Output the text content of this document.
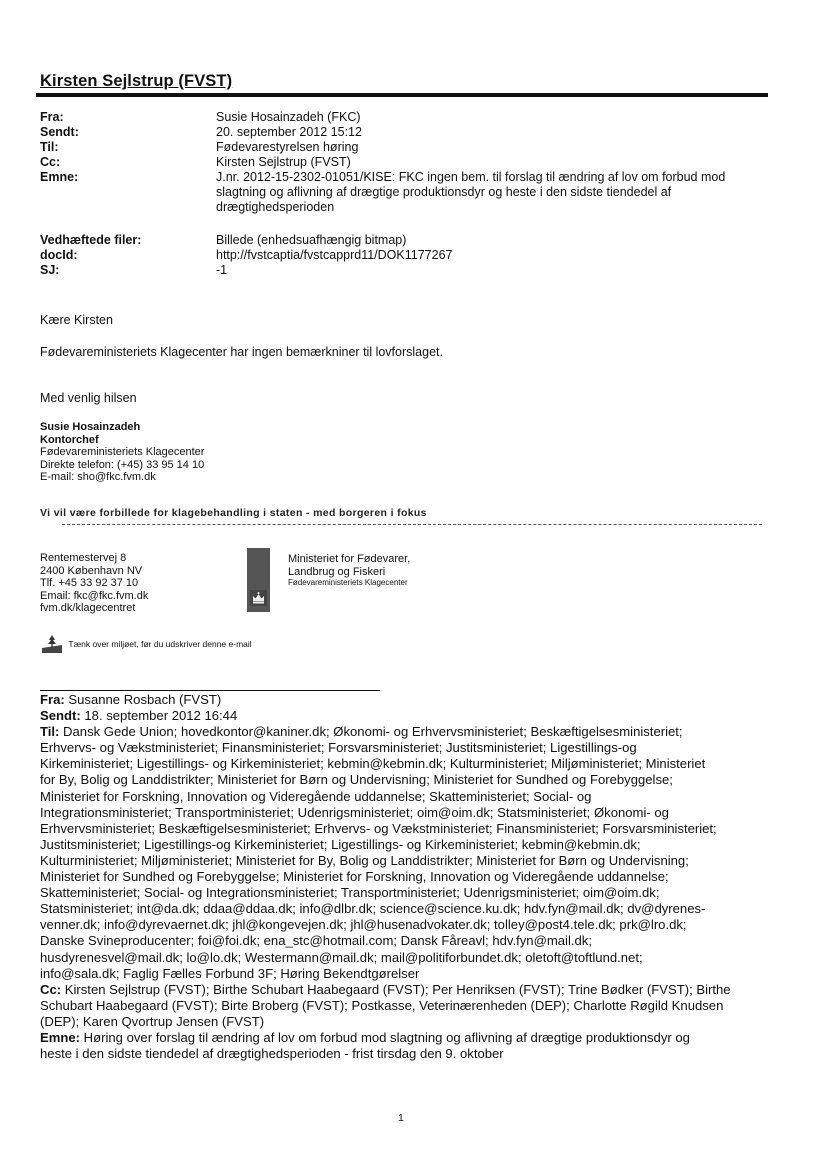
Kirsten Sejlstrup (FVST)
Fra:	Susie Hosainzadeh (FKC)
Sendt:	20. september 2012 15:12
Til:	Fødevarestyrelsen høring
Cc:	Kirsten Sejlstrup (FVST)
Emne:	J.nr. 2012-15-2302-01051/KISE: FKC ingen bem. til forslag til ændring af lov om forbud mod slagtning og aflivning af drægtige produktionsdyr og heste i den sidste tiendedel af drægtighedsperioden
Vedhæftede filer:	Billede (enhedsuafhængig bitmap)
docId:	http://fvstcaptia/fvstcapprd11/DOK1177267
SJ:	-1
Kære Kirsten
Fødevareministeriets Klagecenter har ingen bemærkniner til lovforslaget.
Med venlig hilsen
Susie Hosainzadeh
Kontorchef
Fødevareministeriets Klagecenter
Direkte telefon: (+45) 33 95 14 10
E-mail: sho@fkc.fvm.dk
Vi vil være forbillede for klagebehandling i staten - med borgeren i fokus
Rentemestervej 8
2400 København NV
Tlf. +45 33 92 37 10
Email: fkc@fkc.fvm.dk
fvm.dk/klagecentret
Ministeriet for Fødevarer,
Landbrug og Fiskeri
Fødevareministeriets Klagecenter
Tænk over miljøet, før du udskriver denne e-mail
Fra: Susanne Rosbach (FVST)
Sendt: 18. september 2012 16:44
Til: Dansk Gede Union; hovedkontor@kaniner.dk; Økonomi- og Erhvervsministeriet; Beskæftigelsesministeriet;
Erhvervs- og Vækstministeriet; Finansministeriet; Forsvarsministeriet; Justitsministeriet; Ligestillings-og
Kirkeministeriet; Ligestillings- og Kirkeministeriet; kebmin@kebmin.dk; Kulturministeriet; Miljøministeriet; Ministeriet
for By, Bolig og Landdistrikter; Ministeriet for Børn og Undervisning; Ministeriet for Sundhed og Forebyggelse;
Ministeriet for Forskning, Innovation og Videregående uddannelse; Skatteministeriet; Social- og
Integrationsministeriet; Transportministeriet; Udenrigsministeriet; oim@oim.dk; Statsministeriet; Økonomi- og
Erhvervsministeriet; Beskæftigelsesministeriet; Erhvervs- og Vækstministeriet; Finansministeriet; Forsvarsministeriet;
Justitsministeriet; Ligestillings-og Kirkeministeriet; Ligestillings- og Kirkeministeriet; kebmin@kebmin.dk;
Kulturministeriet; Miljøministeriet; Ministeriet for By, Bolig og Landdistrikter; Ministeriet for Børn og Undervisning;
Ministeriet for Sundhed og Forebyggelse; Ministeriet for Forskning, Innovation og Videregående uddannelse;
Skatteministeriet; Social- og Integrationsministeriet; Transportministeriet; Udenrigsministeriet; oim@oim.dk;
Statsministeriet; int@da.dk; ddaa@ddaa.dk; info@dlbr.dk; science@science.ku.dk; hdv.fyn@mail.dk; dv@dyrenes-
venner.dk; info@dyrevaernet.dk; jhl@kongevejen.dk; jhl@husenadvokater.dk; tolley@post4.tele.dk; prk@lro.dk;
Danske Svineproducenter; foi@foi.dk; ena_stc@hotmail.com; Dansk Fåreavl; hdv.fyn@mail.dk;
husdyrenesvel@mail.dk; lo@lo.dk; Westermann@mail.dk; mail@politiforbundet.dk; oletoft@toftlund.net;
info@sala.dk; Faglig Fælles Forbund 3F; Høring Bekendtgørelser
Cc: Kirsten Sejlstrup (FVST); Birthe Schubart Haabegaard (FVST); Per Henriksen (FVST); Trine Bødker (FVST); Birthe
Schubart Haabegaard (FVST); Birte Broberg (FVST); Postkasse, Veterinærenheden (DEP); Charlotte Røgild Knudsen
(DEP); Karen Qvortrup Jensen (FVST)
Emne: Høring over forslag til ændring af lov om forbud mod slagtning og aflivning af drægtige produktionsdyr og
heste i den sidste tiendedel af drægtighedsperioden - frist tirsdag den 9. oktober
1
